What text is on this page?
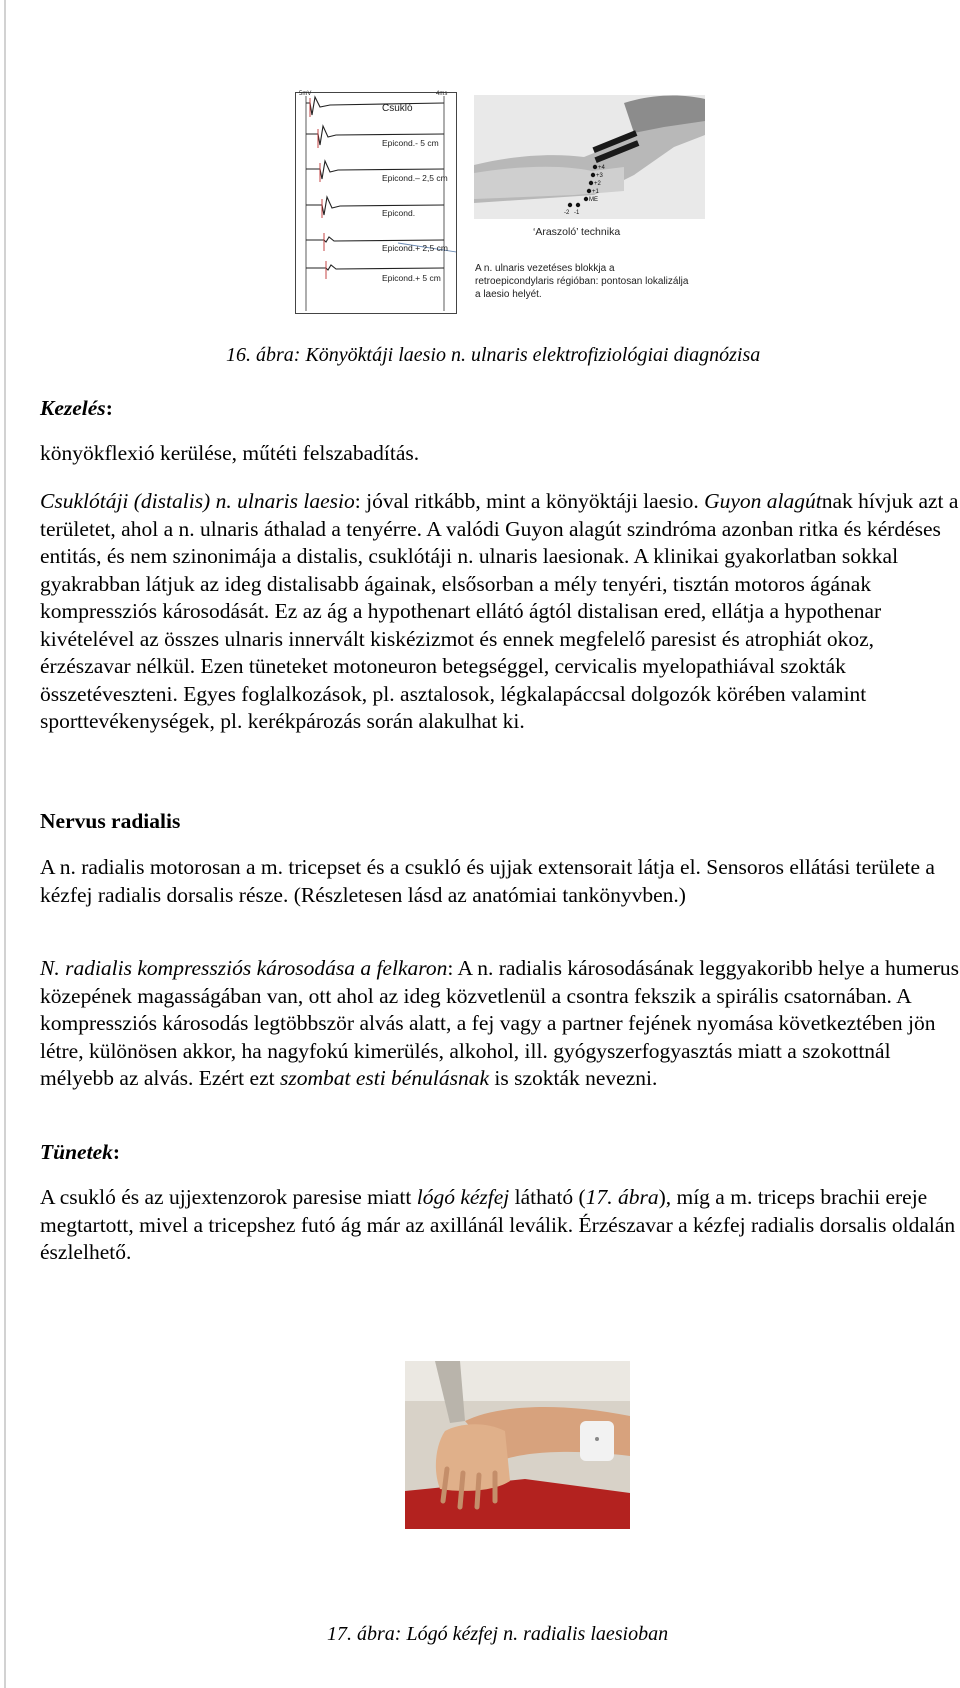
5mV	4ms
Csukló
Epicond.- 5 cm
Epicond.– 2,5 cm
Epicond.
Epicond.+ 2,5 cm
Epicond.+ 5 cm
+4
+3
+2
+1
ME
-1
-2
‘Araszoló’ technika
A n. ulnaris vezetéses blokkja a retroepicondylaris régióban: pontosan lokalizálja a laesio helyét.
16. ábra: Könyöktáji laesio n. ulnaris elektrofiziológiai diagnózisa

Kezelés:

könyökflexió kerülése, műtéti felszabadítás.

Csuklótáji (distalis) n. ulnaris laesio: jóval ritkább, mint a könyöktáji laesio. Guyon alagútnak hívjuk azt a területet, ahol a n. ulnaris áthalad a tenyérre. A valódi Guyon alagút szindróma azonban ritka és kérdéses entitás, és nem szinonimája a distalis, csuklótáji n. ulnaris laesionak. A klinikai gyakorlatban sokkal gyakrabban látjuk az ideg distalisabb ágainak, elsősorban a mély tenyéri, tisztán motoros ágának kompressziós károsodását. Ez az ág a hypothenart ellátó ágtól distalisan ered, ellátja a hypothenar kivételével az összes ulnaris innervált kiskézizmot és ennek megfelelő paresist és atrophiát okoz, érzészavar nélkül. Ezen tüneteket motoneuron betegséggel, cervicalis myelopathiával szokták összetéveszteni. Egyes foglalkozások, pl. asztalosok, légkalapáccsal dolgozók körében valamint sporttevékenységek, pl. kerékpározás során alakulhat ki.

Nervus radialis

A n. radialis motorosan a m. tricepset és a csukló és ujjak extensorait látja el. Sensoros ellátási területe a kézfej radialis dorsalis része. (Részletesen lásd az anatómiai tankönyvben.)

N. radialis kompressziós károsodása a felkaron: A n. radialis károsodásának leggyakoribb helye a humerus közepének magasságában van, ott ahol az ideg közvetlenül a csontra fekszik a spirális csatornában. A kompressziós károsodás legtöbbször alvás alatt, a fej vagy a partner fejének nyomása következtében jön létre, különösen akkor, ha nagyfokú kimerülés, alkohol, ill. gyógyszerfogyasztás miatt a szokottnál mélyebb az alvás. Ezért ezt szombat esti bénulásnak is szokták nevezni.

Tünetek:

A csukló és az ujjextenzorok paresise miatt lógó kézfej látható (17. ábra), míg a m. triceps brachii ereje megtartott, mivel a tricepshez futó ág már az axillánál leválik. Érzészavar a kézfej radialis dorsalis oldalán észlelhető.

17. ábra: Lógó kézfej n. radialis laesioban
